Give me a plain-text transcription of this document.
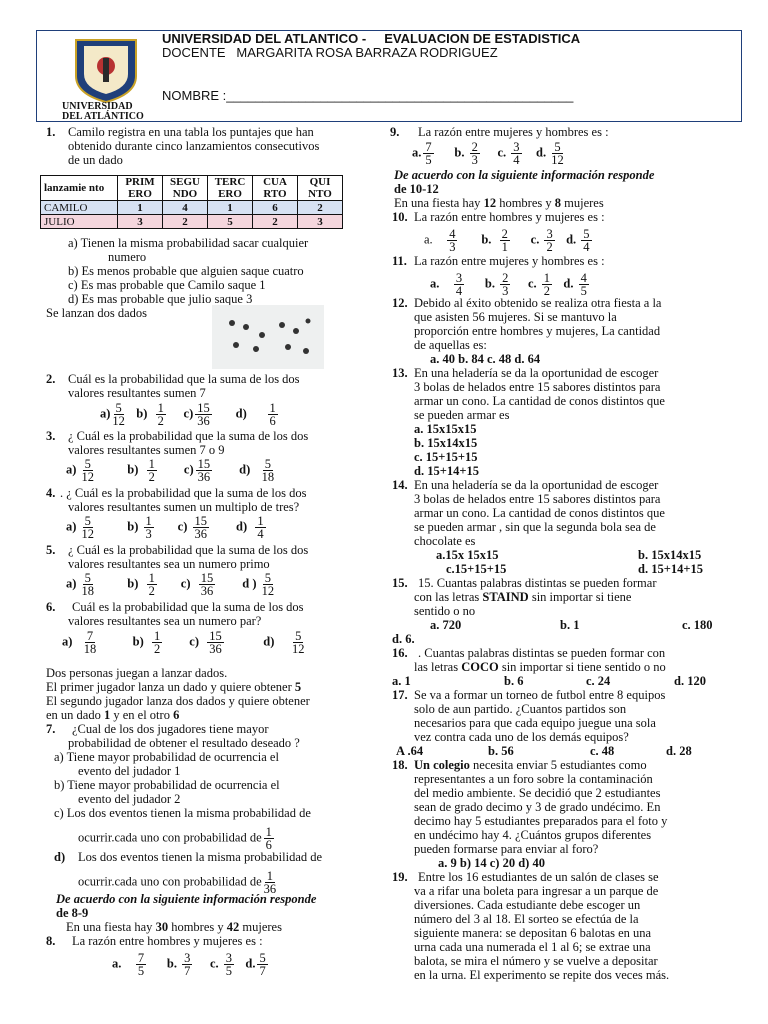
UNIVERSIDAD
DEL ATLÁNTICO
UNIVERSIDAD DEL ATLANTICO - EVALUACION DE ESTADISTICA
DOCENTE MARGARITA ROSA BARRAZA RODRIGUEZ
NOMBRE :________________________________________________
1. Camilo registra en una tabla los puntajes que han
obtenido durante cinco lanzamientos consecutivos
de un dado
lanzamie nto	PRIM ERO	SEGU NDO	TERC ERO	CUA RTO	QUI NTO
CAMILO	1	4	1	6	2
JULIO	3	2	5	2	3
a) Tienen la misma probabilidad sacar cualquier
numero
b) Es menos probable que alguien saque cuatro
c) Es mas probable que Camilo saque 1
d) Es mas probable que julio saque 3
Se lanzan dos dados
2. Cuál es la probabilidad que la suma de los dos
valores resultantes sumen 7
$a) \frac{5}{12} b) \frac{1}{2} c) \frac{15}{36} d) \frac{1}{6}$
3. ¿ Cuál es la probabilidad que la suma de los dos
valores resultantes sumen 7 o 9
$a) \frac{5}{12}$	$b) \frac{1}{2} c) \frac{15}{36} d) \frac{5}{18}$
4. . ¿ Cuál es la probabilidad que la suma de los dos
valores resultantes sumen un multiplo de tres?
$a) \frac{5}{12}$	$b) \frac{1}{3} c) \frac{15}{36} d) \frac{1}{4}$
5. ¿ Cuál es la probabilidad que la suma de los dos
valores resultantes sea un numero primo
$a) \frac{5}{18}$	$b) \frac{1}{2} c) \frac{15}{36}$ d ) $\frac{5}{12}$
6. Cuál es la probabilidad que la suma de los dos
valores resultantes sea un numero par?
$a) \frac{7}{18}$	$b) \frac{1}{2} c) \frac{15}{36}$	$d) \frac{5}{12}$
Dos personas juegan a lanzar dados.
El primer jugador lanza un dado y quiere obtener 5
El segundo jugador lanza dos dados y quiere obtener
en un dado 1 y en el otro 6
7. ¿Cual de los dos jugadores tiene mayor
probabilidad de obtener el resultado deseado ?
a) Tiene mayor probabilidad de ocurrencia el
evento del judador 1
b) Tiene mayor probabilidad de ocurrencia el
evento del judador 2
c) Los dos eventos tienen la misma probabilidad de
ocurrir.cada uno con probabilidad de $\frac{1}{6}$
d) Los dos eventos tienen la misma probabilidad de
ocurrir.cada uno con probabilidad de $\frac{1}{36}$
De acuerdo con la siguiente información responde
de 8-9
En una fiesta hay 30 hombres y 42 mujeres
8. La razón entre hombres y mujeres es :
a. $\frac{7}{5} b$. $\frac{3}{7} c$. $\frac{3}{5} d$. $\frac{5}{7}$
9. La razón entre mujeres y hombres es :
a. $\frac{7}{5} b$. $\frac{2}{3} c$. $\frac{3}{4} d$. $\frac{5}{12}$
De acuerdo con la siguiente información responde
de 10-12
En una fiesta hay 12 hombres y 8 mujeres
10. La razón entre hombres y mujeres es :
a. $\frac{4}{3} b$. $\frac{2}{1} c$. $\frac{3}{2} d$. $\frac{5}{4}$
11. La razón entre mujeres y hombres es :
a. $\frac{3}{4} b$. $\frac{2}{3} c$. $\frac{1}{2} d$. $\frac{4}{5}$
12. Debido al éxito obtenido se realiza otra fiesta a la
que asisten 56 mujeres. Si se mantuvo la
proporción entre hombres y mujeres, La cantidad
de aquellas es:
a. 40 b. 84 c. 48 d. 64
13. En una heladería se da la oportunidad de escoger
3 bolas de helados entre 15 sabores distintos para
armar un cono. La cantidad de conos distintos que
se pueden armar es
a. 15x15x15
b. 15x14x15
c. 15+15+15
d. 15+14+15
14. En una heladería se da la oportunidad de escoger
3 bolas de helados entre 15 sabores distintos para
armar un cono. La cantidad de conos distintos que
se pueden armar , sin que la segunda bola sea de
chocolate es
a.15x 15x15	b. 15x14x15
c.15+15+15	d. 15+14+15
15. 15. Cuantas palabras distintas se pueden formar
con las letras STAIND sin importar si tiene
sentido o no
a. 720	b. 1	c. 180
d. 6.
16. . Cuantas palabras distintas se pueden formar con
las letras COCO sin importar si tiene sentido o no
a. 1	b. 6	c. 24	d. 120
17. Se va a formar un torneo de futbol entre 8 equipos
solo de aun partido. ¿Cuantos partidos son
necesarios para que cada equipo juegue una sola
vez contra cada uno de los demás equipos?
A .64	b. 56	c. 48	d. 28
18. Un colegio necesita enviar 5 estudiantes como
representantes a un foro sobre la contaminación
del medio ambiente. Se decidió que 2 estudiantes
sean de grado decimo y 3 de grado undécimo. En
decimo hay 5 estudiantes preparados para el foto y
en undécimo hay 4. ¿Cuántos grupos diferentes
pueden formarse para enviar al foro?
a. 9 b) 14 c) 20 d) 40
19. Entre los 16 estudiantes de un salón de clases se
va a rifar una boleta para ingresar a un parque de
diversiones. Cada estudiante debe escoger un
número del 3 al 18. El sorteo se efectúa de la
siguiente manera: se depositan 6 balotas en una
urna cada una numerada el 1 al 6; se extrae una
balota, se mira el número y se vuelve a depositar
en la urna. El experimento se repite dos veces más.
